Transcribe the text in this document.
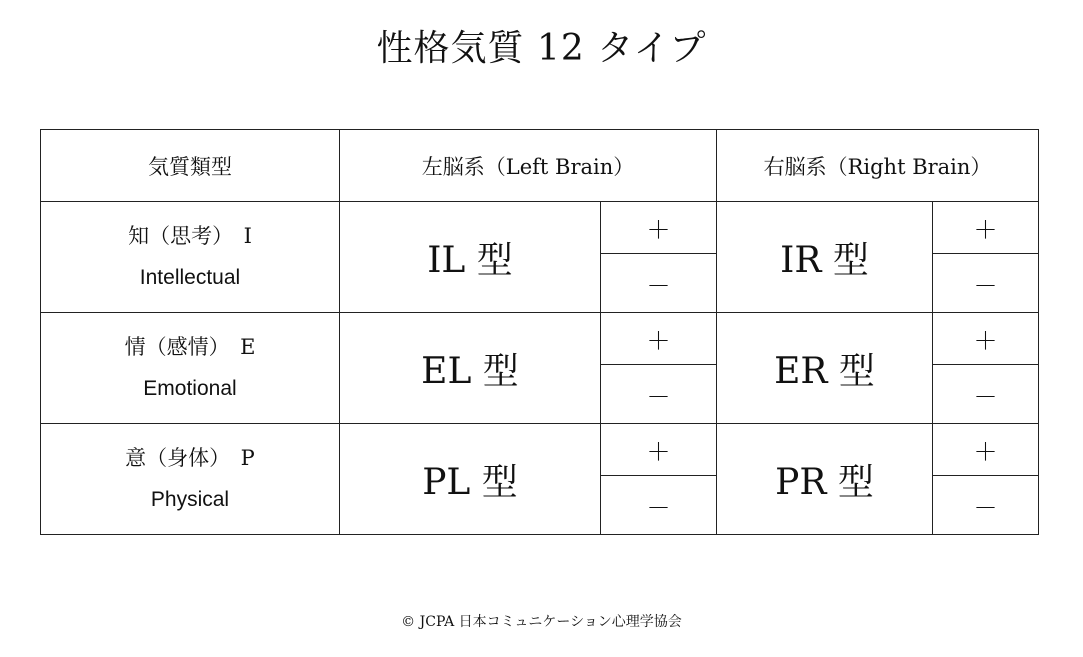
性格気質 12 タイプ
気質類型	左脳系（Left Brain）		右脳系（Right Brain）	

知（思考）　I
Intellectual	IL 型	＋	IR 型	＋
		－		－

情（感情）　E
Emotional	EL 型	＋	ER 型	＋
		－		－

意（身体）　P
Physical	PL 型	＋	PR 型	＋
		－		－
© JCPA 日本コミュニケーション心理学協会
